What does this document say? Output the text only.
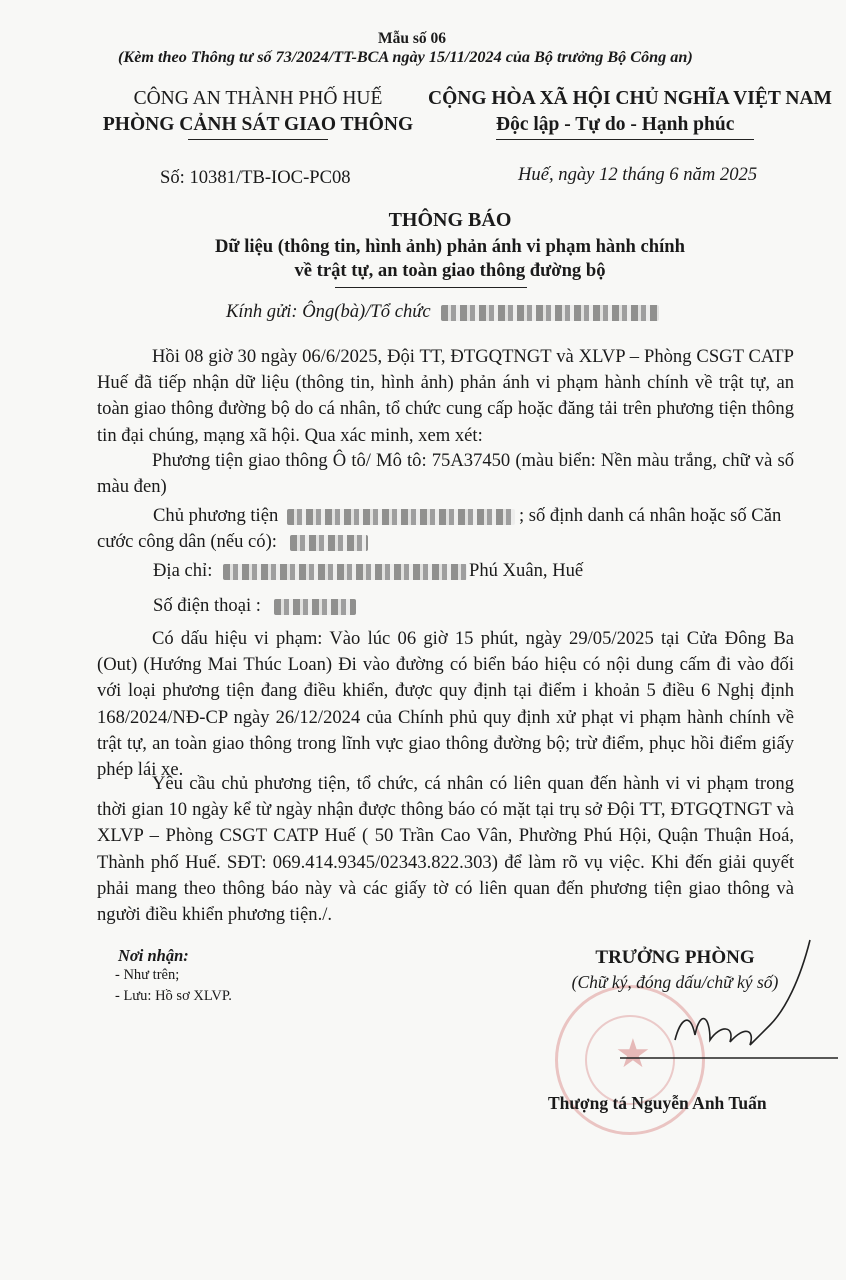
Mẫu số 06
(Kèm theo Thông tư số 73/2024/TT-BCA ngày 15/11/2024 của Bộ trưởng Bộ Công an)
CÔNG AN THÀNH PHỐ HUẾ
PHÒNG CẢNH SÁT GIAO THÔNG
Số: 10381/TB-IOC-PC08
CỘNG HÒA XÃ HỘI CHỦ NGHĨA VIỆT NAM
Độc lập - Tự do - Hạnh phúc
Huế, ngày 12 tháng 6 năm 2025
THÔNG BÁO
Dữ liệu (thông tin, hình ảnh) phản ánh vi phạm hành chính
về trật tự, an toàn giao thông đường bộ
Kính gửi: Ông(bà)/Tổ chức
Hồi 08 giờ 30 ngày 06/6/2025, Đội TT, ĐTGQTNGT và XLVP – Phòng CSGT CATP Huế đã tiếp nhận dữ liệu (thông tin, hình ảnh) phản ánh vi phạm hành chính về trật tự, an toàn giao thông đường bộ do cá nhân, tổ chức cung cấp hoặc đăng tải trên phương tiện thông tin đại chúng, mạng xã hội. Qua xác minh, xem xét:
Phương tiện giao thông Ô tô/ Mô tô: 75A37450 (màu biển: Nền màu trắng, chữ và số màu đen)
Chủ phương tiện	; số định danh cá nhân hoặc số Căn
cước công dân (nếu có):
Địa chỉ:	Phú Xuân, Huế
Số điện thoại :
Có dấu hiệu vi phạm: Vào lúc 06 giờ 15 phút, ngày 29/05/2025 tại Cửa Đông Ba (Out) (Hướng Mai Thúc Loan) Đi vào đường có biển báo hiệu có nội dung cấm đi vào đối với loại phương tiện đang điều khiển, được quy định tại điểm i khoản 5 điều 6 Nghị định 168/2024/NĐ-CP ngày 26/12/2024 của Chính phủ quy định xử phạt vi phạm hành chính về trật tự, an toàn giao thông trong lĩnh vực giao thông đường bộ; trừ điểm, phục hồi điểm giấy phép lái xe.
Yêu cầu chủ phương tiện, tổ chức, cá nhân có liên quan đến hành vi vi phạm trong thời gian 10 ngày kể từ ngày nhận được thông báo có mặt tại trụ sở Đội TT, ĐTGQTNGT và XLVP – Phòng CSGT CATP Huế ( 50 Trần Cao Vân, Phường Phú Hội, Quận Thuận Hoá, Thành phố Huế. SĐT: 069.414.9345/02343.822.303) để làm rõ vụ việc. Khi đến giải quyết phải mang theo thông báo này và các giấy tờ có liên quan đến phương tiện giao thông và người điều khiển phương tiện./.
Nơi nhận:
- Như trên;
- Lưu: Hồ sơ XLVP.
★
TRƯỞNG PHÒNG
(Chữ ký, đóng dấu/chữ ký số)
Thượng tá Nguyễn Anh Tuấn
